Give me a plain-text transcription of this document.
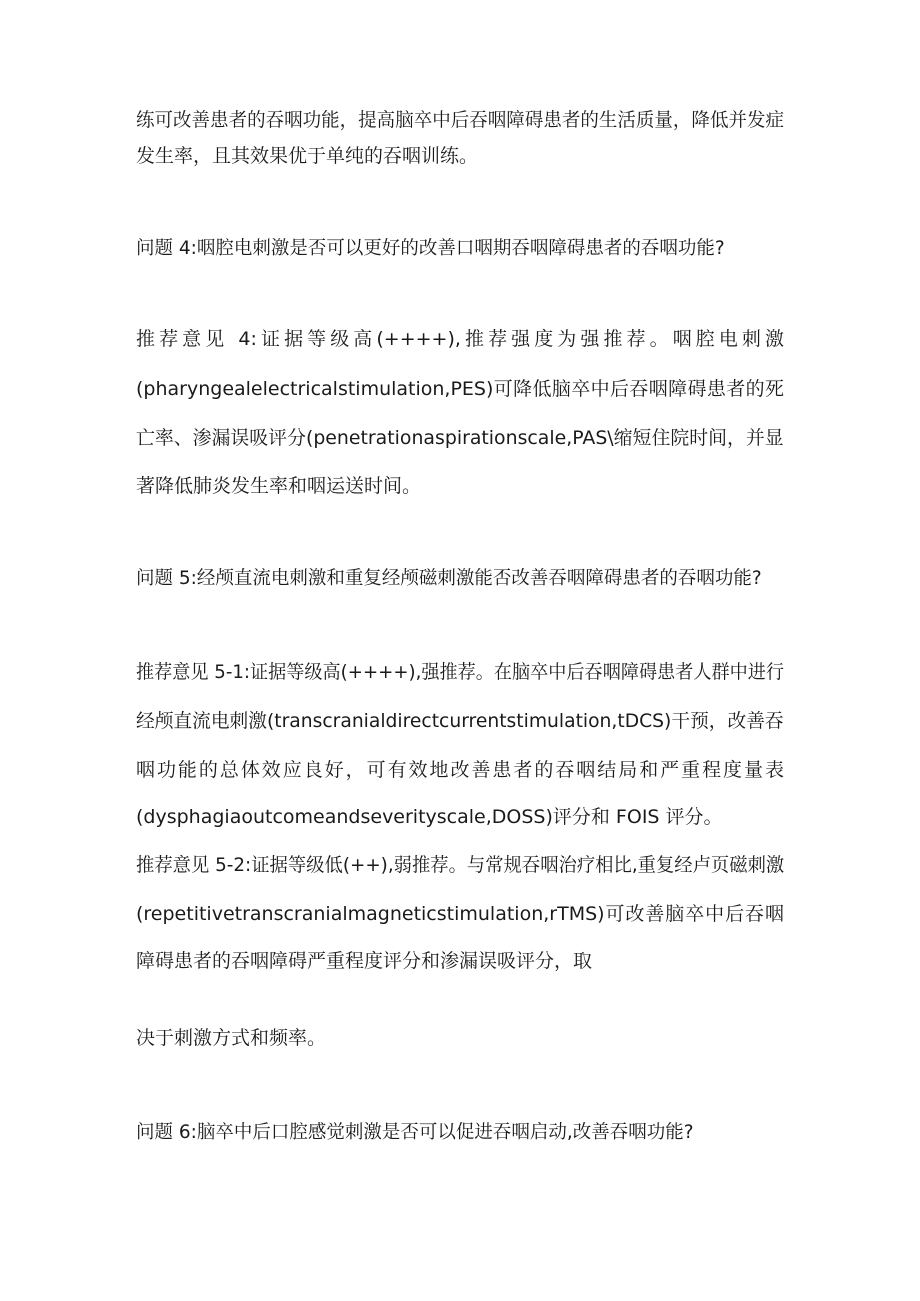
练可改善患者的吞咽功能，提高脑卒中后吞咽障碍患者的生活质量，降低并发症
发生率，且其效果优于单纯的吞咽训练。
问题 4:咽腔电刺激是否可以更好的改善口咽期吞咽障碍患者的吞咽功能?
推荐意见 4:证据等级高(++++),推荐强度为强推荐。咽腔电刺激
(pharyngealelectricalstimulation,PES)可降低脑卒中后吞咽障碍患者的死
亡率、渗漏误吸评分(penetrationaspirationscale,PAS\缩短住院时间，并显
著降低肺炎发生率和咽运送时间。
问题 5:经颅直流电刺激和重复经颅磁刺激能否改善吞咽障碍患者的吞咽功能?
推荐意见 5-1:证据等级高(++++),强推荐。在脑卒中后吞咽障碍患者人群中进行
经颅直流电刺激(transcranialdirectcurrentstimulation,tDCS)干预，改善吞
咽功能的总体效应良好，可有效地改善患者的吞咽结局和严重程度量表
(dysphagiaoutcomeandseverityscale,DOSS)评分和 FOIS 评分。
推荐意见 5-2:证据等级低(++),弱推荐。与常规吞咽治疗相比,重复经卢页磁刺激
(repetitivetranscranialmagneticstimulation,rTMS)可改善脑卒中后吞咽
障碍患者的吞咽障碍严重程度评分和渗漏误吸评分，取
决于刺激方式和频率。
问题 6:脑卒中后口腔感觉刺激是否可以促进吞咽启动,改善吞咽功能?
